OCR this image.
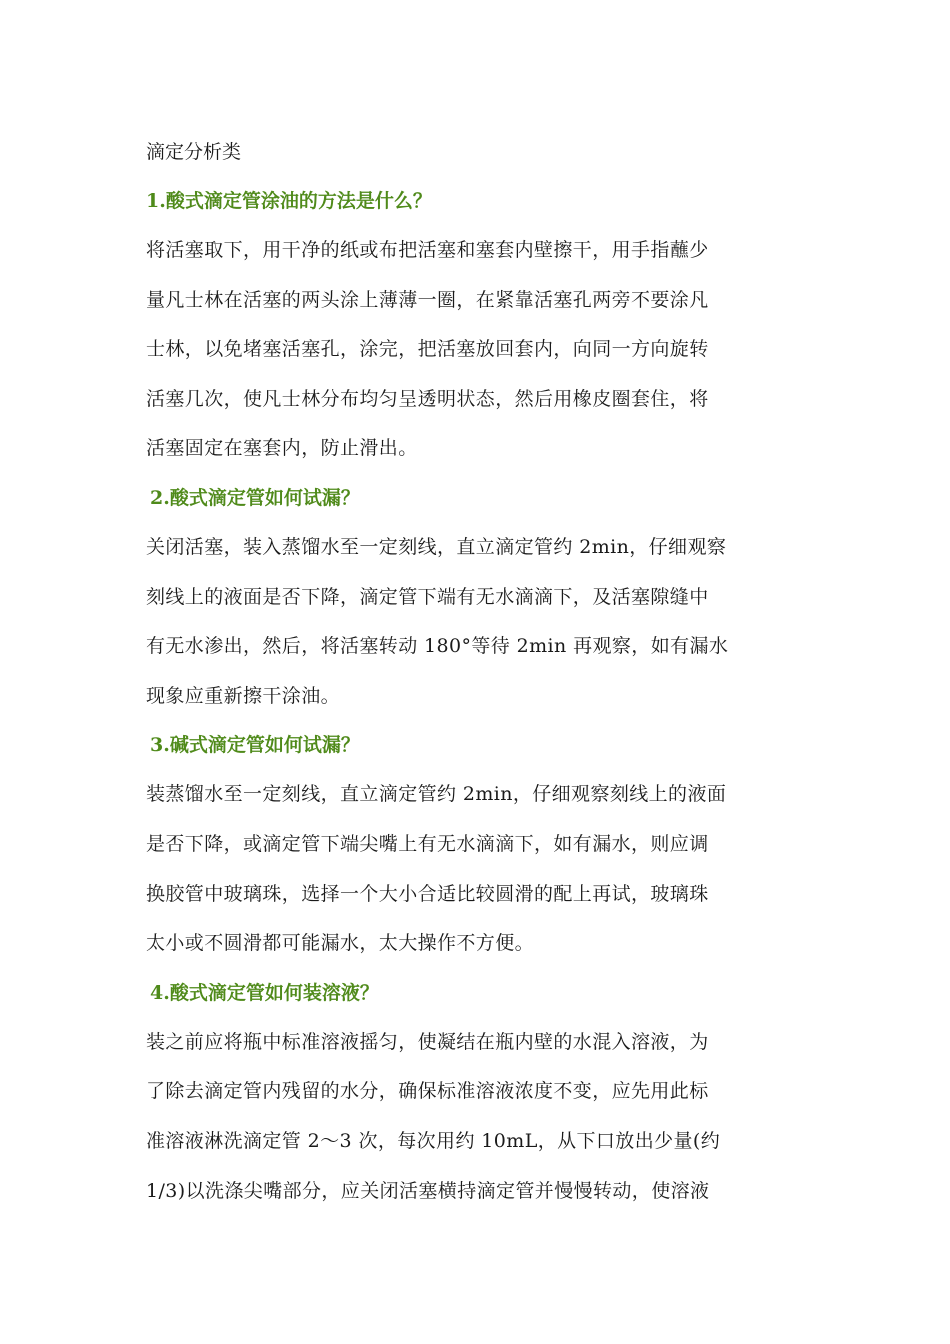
滴定分析类

1.酸式滴定管涂油的方法是什么？

将活塞取下，用干净的纸或布把活塞和塞套内壁擦干，用手指蘸少
量凡士林在活塞的两头涂上薄薄一圈，在紧靠活塞孔两旁不要涂凡
士林，以免堵塞活塞孔，涂完，把活塞放回套内，向同一方向旋转
活塞几次，使凡士林分布均匀呈透明状态，然后用橡皮圈套住，将
活塞固定在塞套内，防止滑出。

2.酸式滴定管如何试漏？

关闭活塞，装入蒸馏水至一定刻线，直立滴定管约 2min，仔细观察
刻线上的液面是否下降，滴定管下端有无水滴滴下，及活塞隙缝中
有无水渗出，然后，将活塞转动 180°等待 2min 再观察，如有漏水
现象应重新擦干涂油。

3.碱式滴定管如何试漏？

装蒸馏水至一定刻线，直立滴定管约 2min，仔细观察刻线上的液面
是否下降，或滴定管下端尖嘴上有无水滴滴下，如有漏水，则应调
换胶管中玻璃珠，选择一个大小合适比较圆滑的配上再试，玻璃珠
太小或不圆滑都可能漏水，太大操作不方便。

4.酸式滴定管如何装溶液？

装之前应将瓶中标准溶液摇匀，使凝结在瓶内壁的水混入溶液，为
了除去滴定管内残留的水分，确保标准溶液浓度不变，应先用此标
准溶液淋洗滴定管 2～3 次，每次用约 10mL，从下口放出少量(约
1/3)以洗涤尖嘴部分，应关闭活塞横持滴定管并慢慢转动，使溶液
